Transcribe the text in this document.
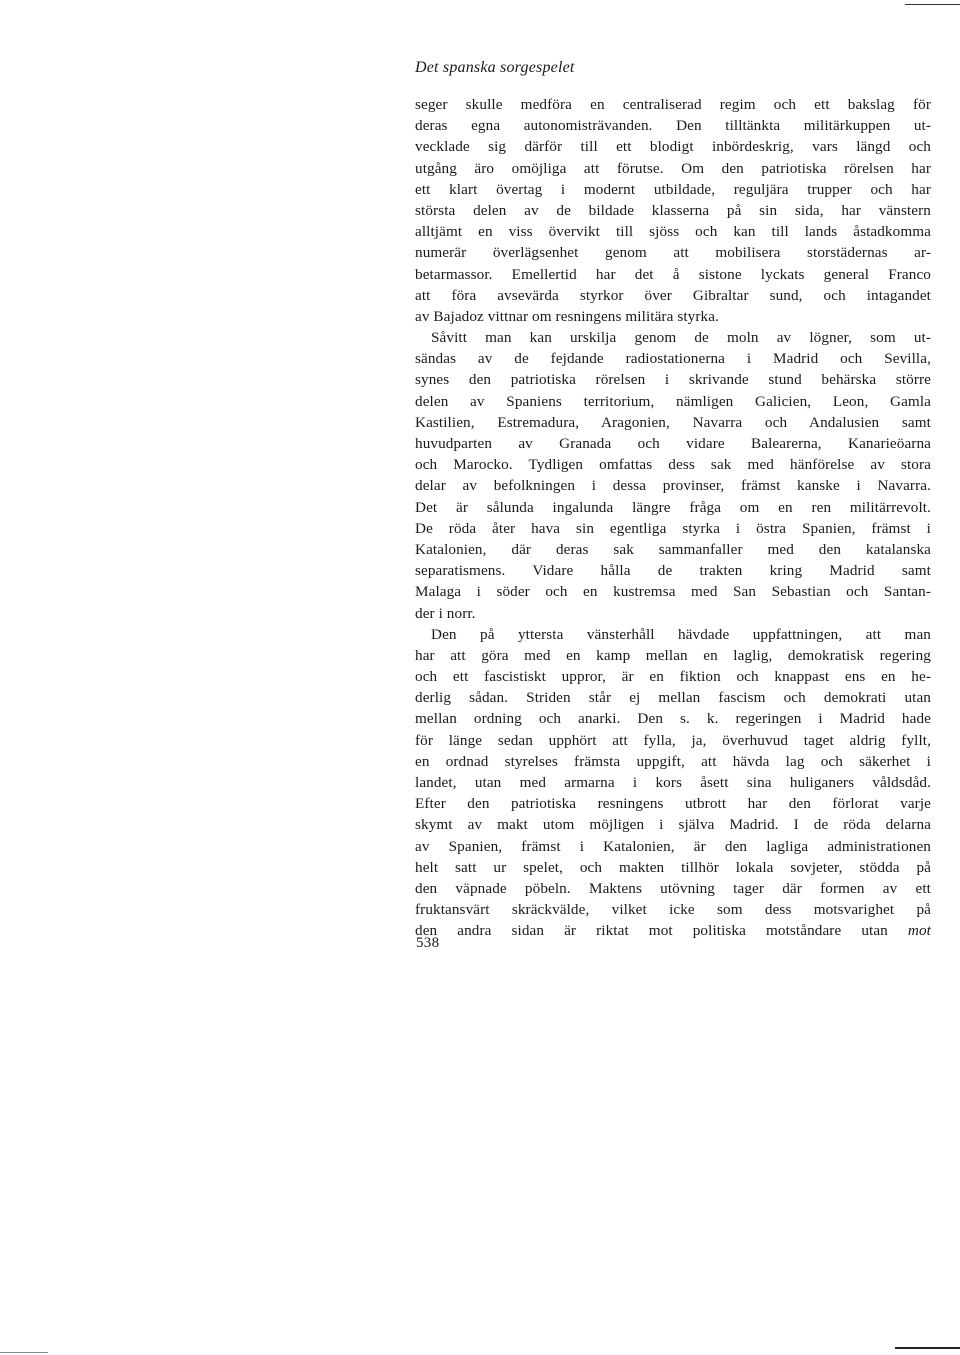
Det spanska sorgespelet
seger skulle medföra en centraliserad regim och ett bakslag för
deras egna autonomisträvanden. Den tilltänkta militärkuppen ut-
vecklade sig därför till ett blodigt inbördeskrig, vars längd och
utgång äro omöjliga att förutse. Om den patriotiska rörelsen har
ett klart övertag i modernt utbildade, reguljära trupper och har
största delen av de bildade klasserna på sin sida, har vänstern
alltjämt en viss övervikt till sjöss och kan till lands åstadkomma
numerär överlägsenhet genom att mobilisera storstädernas ar-
betarmassor. Emellertid har det å sistone lyckats general Franco
att föra avsevärda styrkor över Gibraltar sund, och intagandet
av Bajadoz vittnar om resningens militära styrka.
Såvitt man kan urskilja genom de moln av lögner, som ut-
sändas av de fejdande radiostationerna i Madrid och Sevilla,
synes den patriotiska rörelsen i skrivande stund behärska större
delen av Spaniens territorium, nämligen Galicien, Leon, Gamla
Kastilien, Estremadura, Aragonien, Navarra och Andalusien samt
huvudparten av Granada och vidare Balearerna, Kanarieöarna
och Marocko. Tydligen omfattas dess sak med hänförelse av stora
delar av befolkningen i dessa provinser, främst kanske i Navarra.
Det är sålunda ingalunda längre fråga om en ren militärrevolt.
De röda åter hava sin egentliga styrka i östra Spanien, främst i
Katalonien, där deras sak sammanfaller med den katalanska
separatismens. Vidare hålla de trakten kring Madrid samt
Malaga i söder och en kustremsa med San Sebastian och Santan-
der i norr.
Den på yttersta vänsterhåll hävdade uppfattningen, att man
har att göra med en kamp mellan en laglig, demokratisk regering
och ett fascistiskt uppror, är en fiktion och knappast ens en he-
derlig sådan. Striden står ej mellan fascism och demokrati utan
mellan ordning och anarki. Den s. k. regeringen i Madrid hade
för länge sedan upphört att fylla, ja, överhuvud taget aldrig fyllt,
en ordnad styrelses främsta uppgift, att hävda lag och säkerhet i
landet, utan med armarna i kors åsett sina huliganers våldsdåd.
Efter den patriotiska resningens utbrott har den förlorat varje
skymt av makt utom möjligen i själva Madrid. I de röda delarna
av Spanien, främst i Katalonien, är den lagliga administrationen
helt satt ur spelet, och makten tillhör lokala sovjeter, stödda på
den väpnade pöbeln. Maktens utövning tager där formen av ett
fruktansvärt skräckvälde, vilket icke som dess motsvarighet på
den andra sidan är riktat mot politiska motståndare utan mot
538
